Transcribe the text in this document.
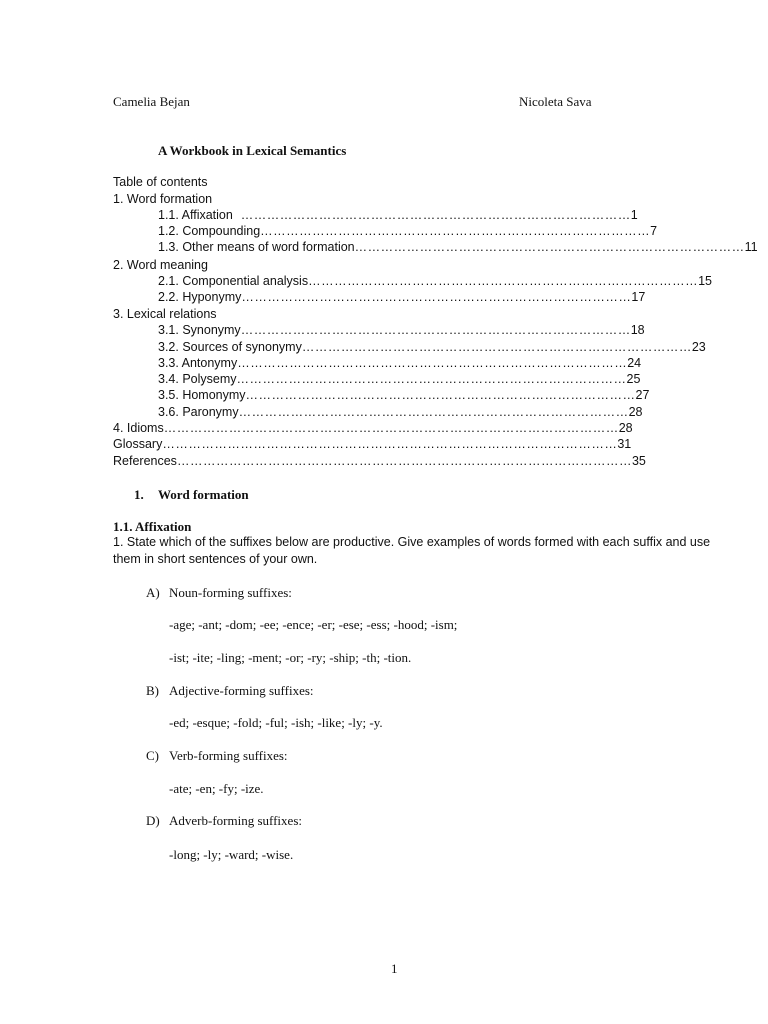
Camelia Bejan	Nicoleta Sava
A Workbook in Lexical Semantics
Table of contents
1. Word formation
1.1. Affixation ……………………………………………………………………………… 1
1.2. Compounding ……………………………………………………………………………… 7
1.3. Other means of word formation ……………………………………………………………………………… 11
2. Word meaning
2.1. Componential analysis ……………………………………………………………………………… 15
2.2. Hyponymy ……………………………………………………………………………… 17
3. Lexical relations
3.1. Synonymy ……………………………………………………………………………… 18
3.2. Sources of synonymy ……………………………………………………………………………… 23
3.3. Antonymy ……………………………………………………………………………… 24
3.4. Polysemy ……………………………………………………………………………… 25
3.5. Homonymy ……………………………………………………………………………… 27
3.6. Paronymy ……………………………………………………………………………… 28
4. Idioms …………………………………………………………………………………………… 28
Glossary …………………………………………………………………………………………… 31
References …………………………………………………………………………………………… 35
1. Word formation
1.1. Affixation
1. State which of the suffixes below are productive. Give examples of words formed with each suffix and use them in short sentences of your own.
A) Noun-forming suffixes:
-age; -ant; -dom; -ee; -ence; -er; -ese; -ess; -hood; -ism;
-ist; -ite; -ling; -ment; -or; -ry; -ship; -th; -tion.
B) Adjective-forming suffixes:
-ed; -esque; -fold; -ful; -ish; -like; -ly; -y.
C) Verb-forming suffixes:
-ate; -en; -fy; -ize.
D) Adverb-forming suffixes:
-long; -ly; -ward; -wise.
1
